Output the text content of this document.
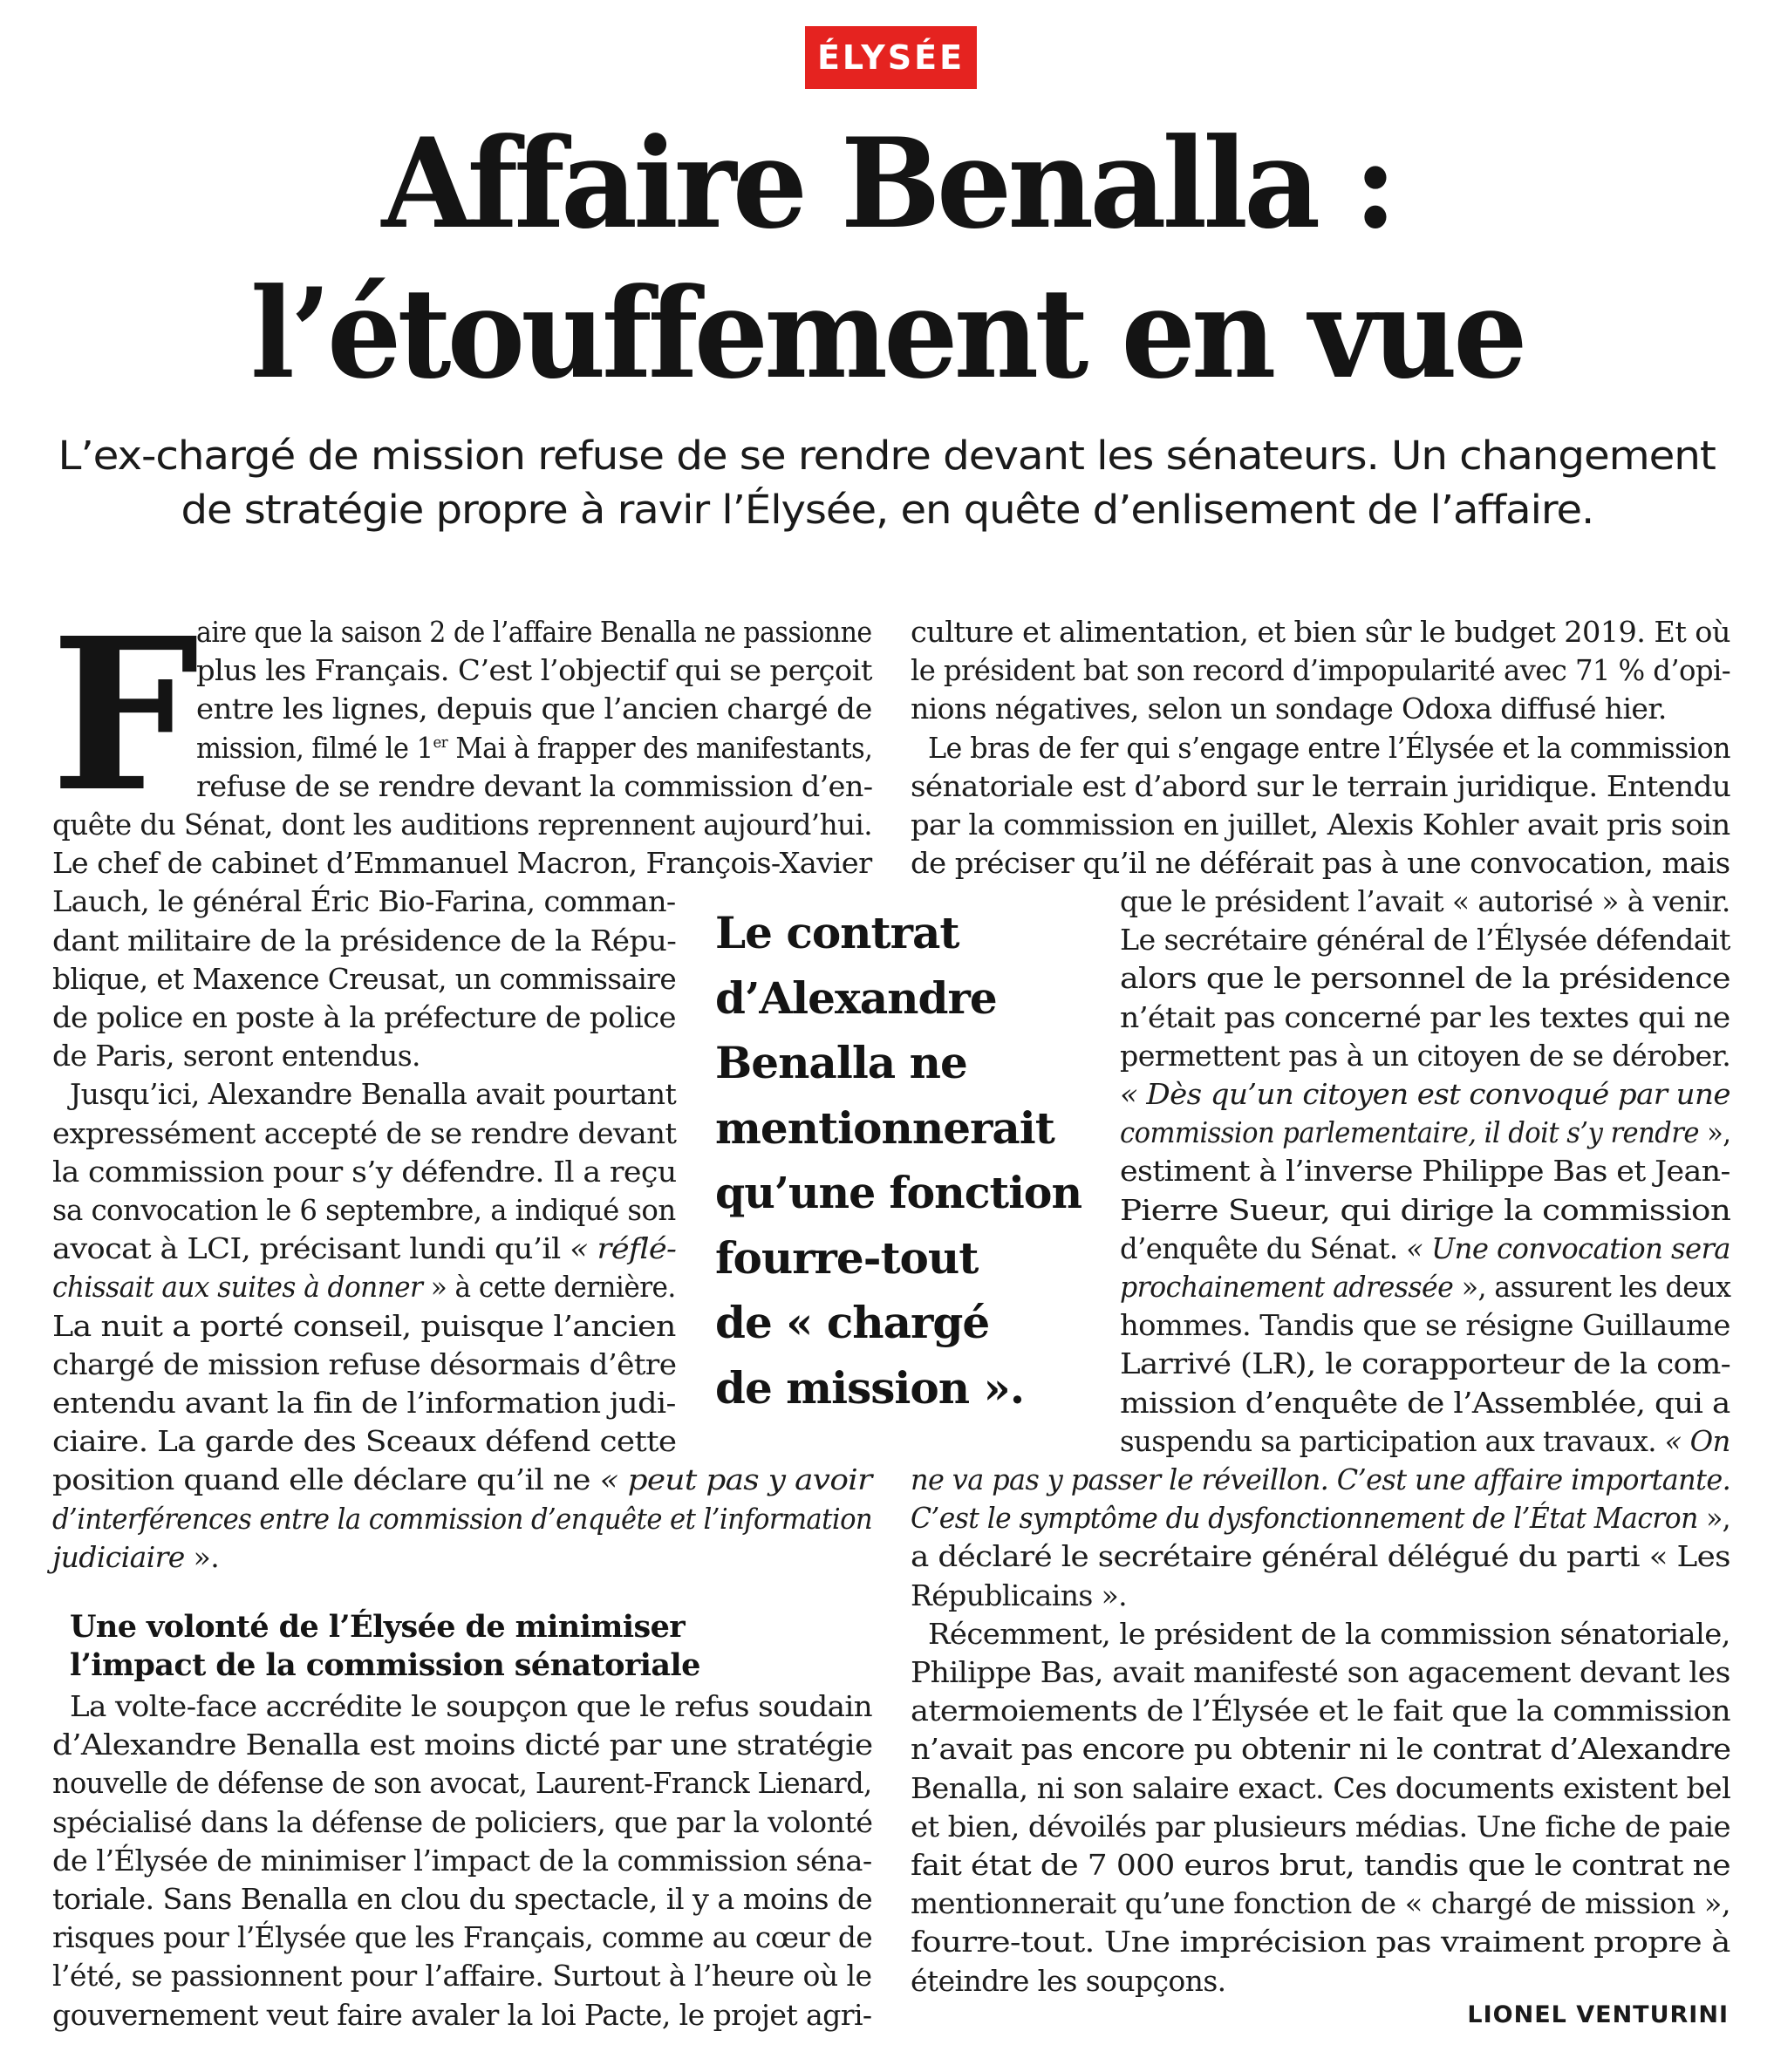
ÉLYSÉE
Affaire Benalla :
l’étouffement en vue
L’ex-chargé de mission refuse de se rendre devant les sénateurs. Un changement
de stratégie propre à ravir l’Élysée, en quête d’enlisement de l’affaire.
F
aire que la saison 2 de l’affaire Benalla ne passionne
plus les Français. C’est l’objectif qui se perçoit
entre les lignes, depuis que l’ancien chargé de
mission, filmé le 1er Mai à frapper des manifestants,
refuse de se rendre devant la commission d’en-
quête du Sénat, dont les auditions reprennent aujourd’hui.
Le chef de cabinet d’Emmanuel Macron, François-Xavier
Lauch, le général Éric Bio-Farina, comman-
dant militaire de la présidence de la Répu-
blique, et Maxence Creusat, un commissaire
de police en poste à la préfecture de police
de Paris, seront entendus.
Jusqu’ici, Alexandre Benalla avait pourtant
expressément accepté de se rendre devant
la commission pour s’y défendre. Il a reçu
sa convocation le 6 septembre, a indiqué son
avocat à LCI, précisant lundi qu’il « réflé-
chissait aux suites à donner » à cette dernière.
La nuit a porté conseil, puisque l’ancien
chargé de mission refuse désormais d’être
entendu avant la fin de l’information judi-
ciaire. La garde des Sceaux défend cette
position quand elle déclare qu’il ne « peut pas y avoir
d’interférences entre la commission d’enquête et l’information
judiciaire ».
La volte-face accrédite le soupçon que le refus soudain
d’Alexandre Benalla est moins dicté par une stratégie
nouvelle de défense de son avocat, Laurent-Franck Lienard,
spécialisé dans la défense de policiers, que par la volonté
de l’Élysée de minimiser l’impact de la commission séna-
toriale. Sans Benalla en clou du spectacle, il y a moins de
risques pour l’Élysée que les Français, comme au cœur de
l’été, se passionnent pour l’affaire. Surtout à l’heure où le
gouvernement veut faire avaler la loi Pacte, le projet agri-
culture et alimentation, et bien sûr le budget 2019. Et où
le président bat son record d’impopularité avec 71 % d’opi-
nions négatives, selon un sondage Odoxa diffusé hier.
Le bras de fer qui s’engage entre l’Élysée et la commission
sénatoriale est d’abord sur le terrain juridique. Entendu
par la commission en juillet, Alexis Kohler avait pris soin
de préciser qu’il ne déférait pas à une convocation, mais
que le président l’avait « autorisé » à venir.
Le secrétaire général de l’Élysée défendait
alors que le personnel de la présidence
n’était pas concerné par les textes qui ne
permettent pas à un citoyen de se dérober.
« Dès qu’un citoyen est convoqué par une
commission parlementaire, il doit s’y rendre »,
estiment à l’inverse Philippe Bas et Jean-
Pierre Sueur, qui dirige la commission
d’enquête du Sénat. « Une convocation sera
prochainement adressée », assurent les deux
hommes. Tandis que se résigne Guillaume
Larrivé (LR), le corapporteur de la com-
mission d’enquête de l’Assemblée, qui a
suspendu sa participation aux travaux. « On
ne va pas y passer le réveillon. C’est une affaire importante.
C’est le symptôme du dysfonctionnement de l’État Macron »,
a déclaré le secrétaire général délégué du parti « Les
Républicains ».
Récemment, le président de la commission sénatoriale,
Philippe Bas, avait manifesté son agacement devant les
atermoiements de l’Élysée et le fait que la commission
n’avait pas encore pu obtenir ni le contrat d’Alexandre
Benalla, ni son salaire exact. Ces documents existent bel
et bien, dévoilés par plusieurs médias. Une fiche de paie
fait état de 7 000 euros brut, tandis que le contrat ne
mentionnerait qu’une fonction de « chargé de mission »,
fourre-tout. Une imprécision pas vraiment propre à
éteindre les soupçons.
Une volonté de l’Élysée de minimiser
l’impact de la commission sénatoriale
Le contrat
d’Alexandre
Benalla ne
mentionnerait
qu’une fonction
fourre-tout
de « chargé
de mission ».
LIONEL VENTURINI
